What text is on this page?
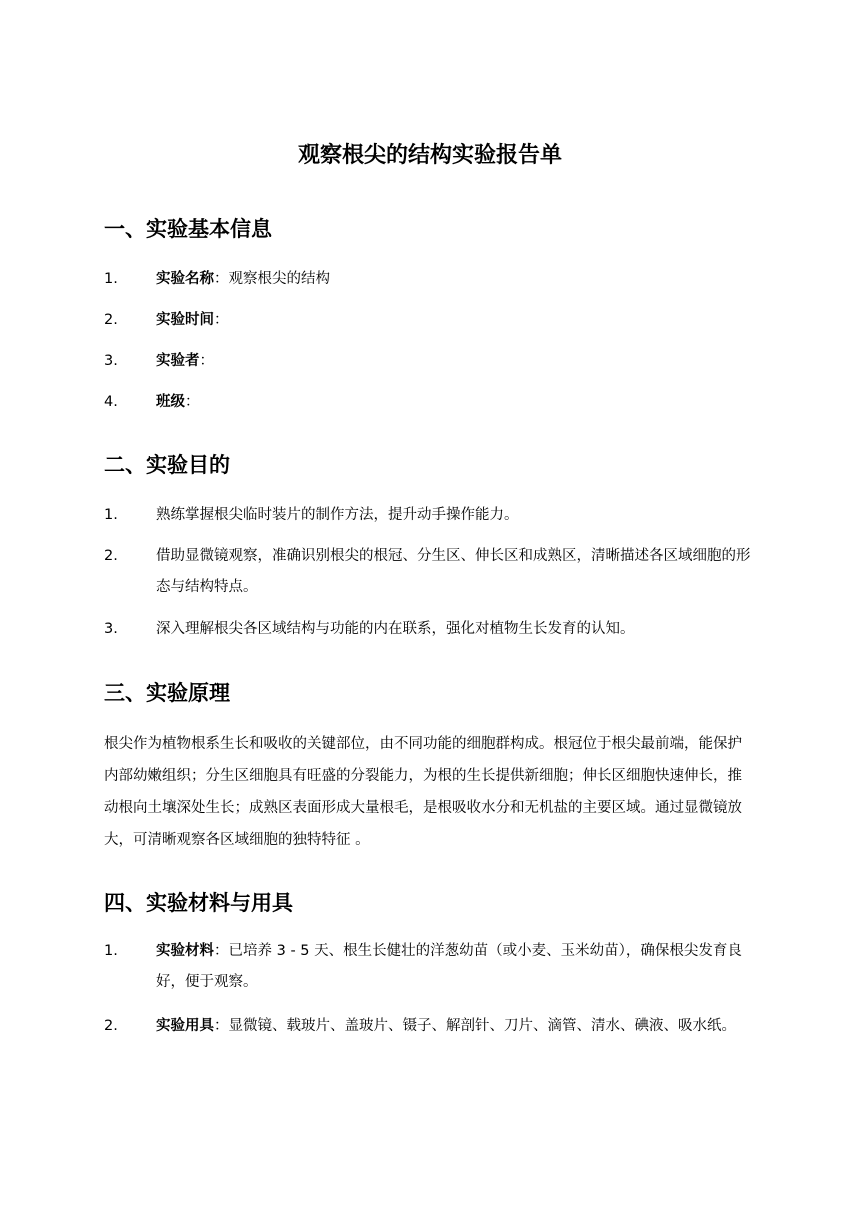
观察根尖的结构实验报告单
一、实验基本信息
1.	实验名称：观察根尖的结构
2.	实验时间：
3.	实验者：
4.	班级：
二、实验目的
1.	熟练掌握根尖临时装片的制作方法，提升动手操作能力。
2.	借助显微镜观察，准确识别根尖的根冠、分生区、伸长区和成熟区，清晰描述各区域细胞的形态与结构特点。
3.	深入理解根尖各区域结构与功能的内在联系，强化对植物生长发育的认知。
三、实验原理

根尖作为植物根系生长和吸收的关键部位，由不同功能的细胞群构成。根冠位于根尖最前端，能保护内部幼嫩组织；分生区细胞具有旺盛的分裂能力，为根的生长提供新细胞；伸长区细胞快速伸长，推动根向土壤深处生长；成熟区表面形成大量根毛，是根吸收水分和无机盐的主要区域。通过显微镜放大，可清晰观察各区域细胞的独特特征 。

四、实验材料与用具
1.	实验材料：已培养 3 - 5 天、根生长健壮的洋葱幼苗（或小麦、玉米幼苗），确保根尖发育良好，便于观察。
2.	实验用具：显微镜、载玻片、盖玻片、镊子、解剖针、刀片、滴管、清水、碘液、吸水纸。
